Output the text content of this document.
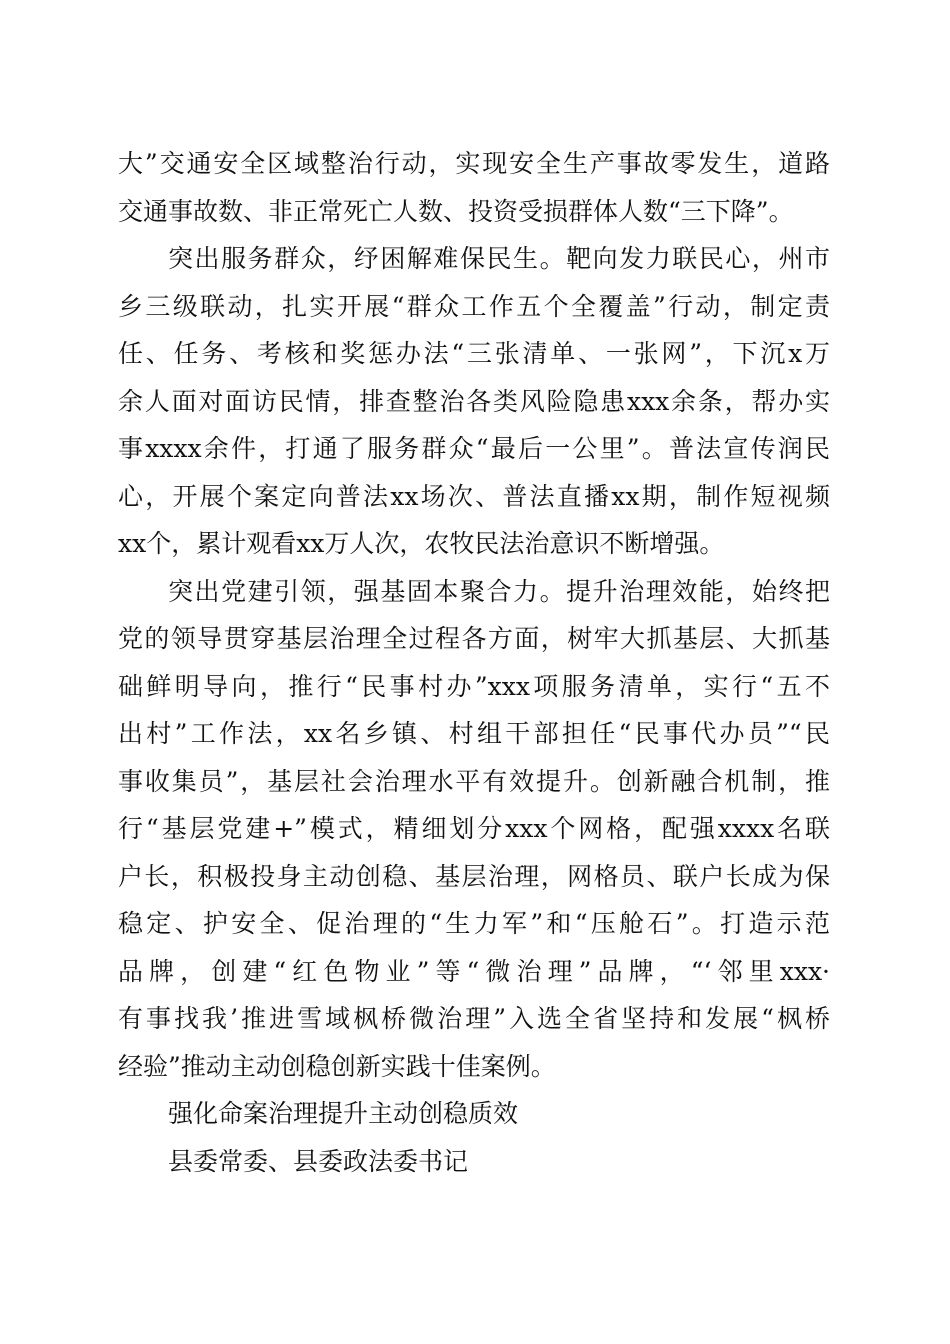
大”交通安全区域整治行动，实现安全生产事故零发生，道路
交通事故数、非正常死亡人数、投资受损群体人数“三下降”。
突出服务群众，纾困解难保民生。靶向发力联民心，州市
乡三级联动，扎实开展“群众工作五个全覆盖”行动，制定责
任、任务、考核和奖惩办法“三张清单、一张网”，下沉x万
余人面对面访民情，排查整治各类风险隐患xxx余条，帮办实
事xxxx余件，打通了服务群众“最后一公里”。普法宣传润民
心，开展个案定向普法xx场次、普法直播xx期，制作短视频
xx个，累计观看xx万人次，农牧民法治意识不断增强。
突出党建引领，强基固本聚合力。提升治理效能，始终把
党的领导贯穿基层治理全过程各方面，树牢大抓基层、大抓基
础鲜明导向，推行“民事村办”xxx项服务清单，实行“五不
出村”工作法，xx名乡镇、村组干部担任“民事代办员”“民
事收集员”，基层社会治理水平有效提升。创新融合机制，推
行“基层党建+”模式，精细划分xxx个网格，配强xxxx名联
户长，积极投身主动创稳、基层治理，网格员、联户长成为保
稳定、护安全、促治理的“生力军”和“压舱石”。打造示范
品牌，创建“红色物业”等“微治理”品牌，“‘邻里xxx·
有事找我’推进雪域枫桥微治理”入选全省坚持和发展“枫桥
经验”推动主动创稳创新实践十佳案例。
强化命案治理提升主动创稳质效
县委常委、县委政法委书记
